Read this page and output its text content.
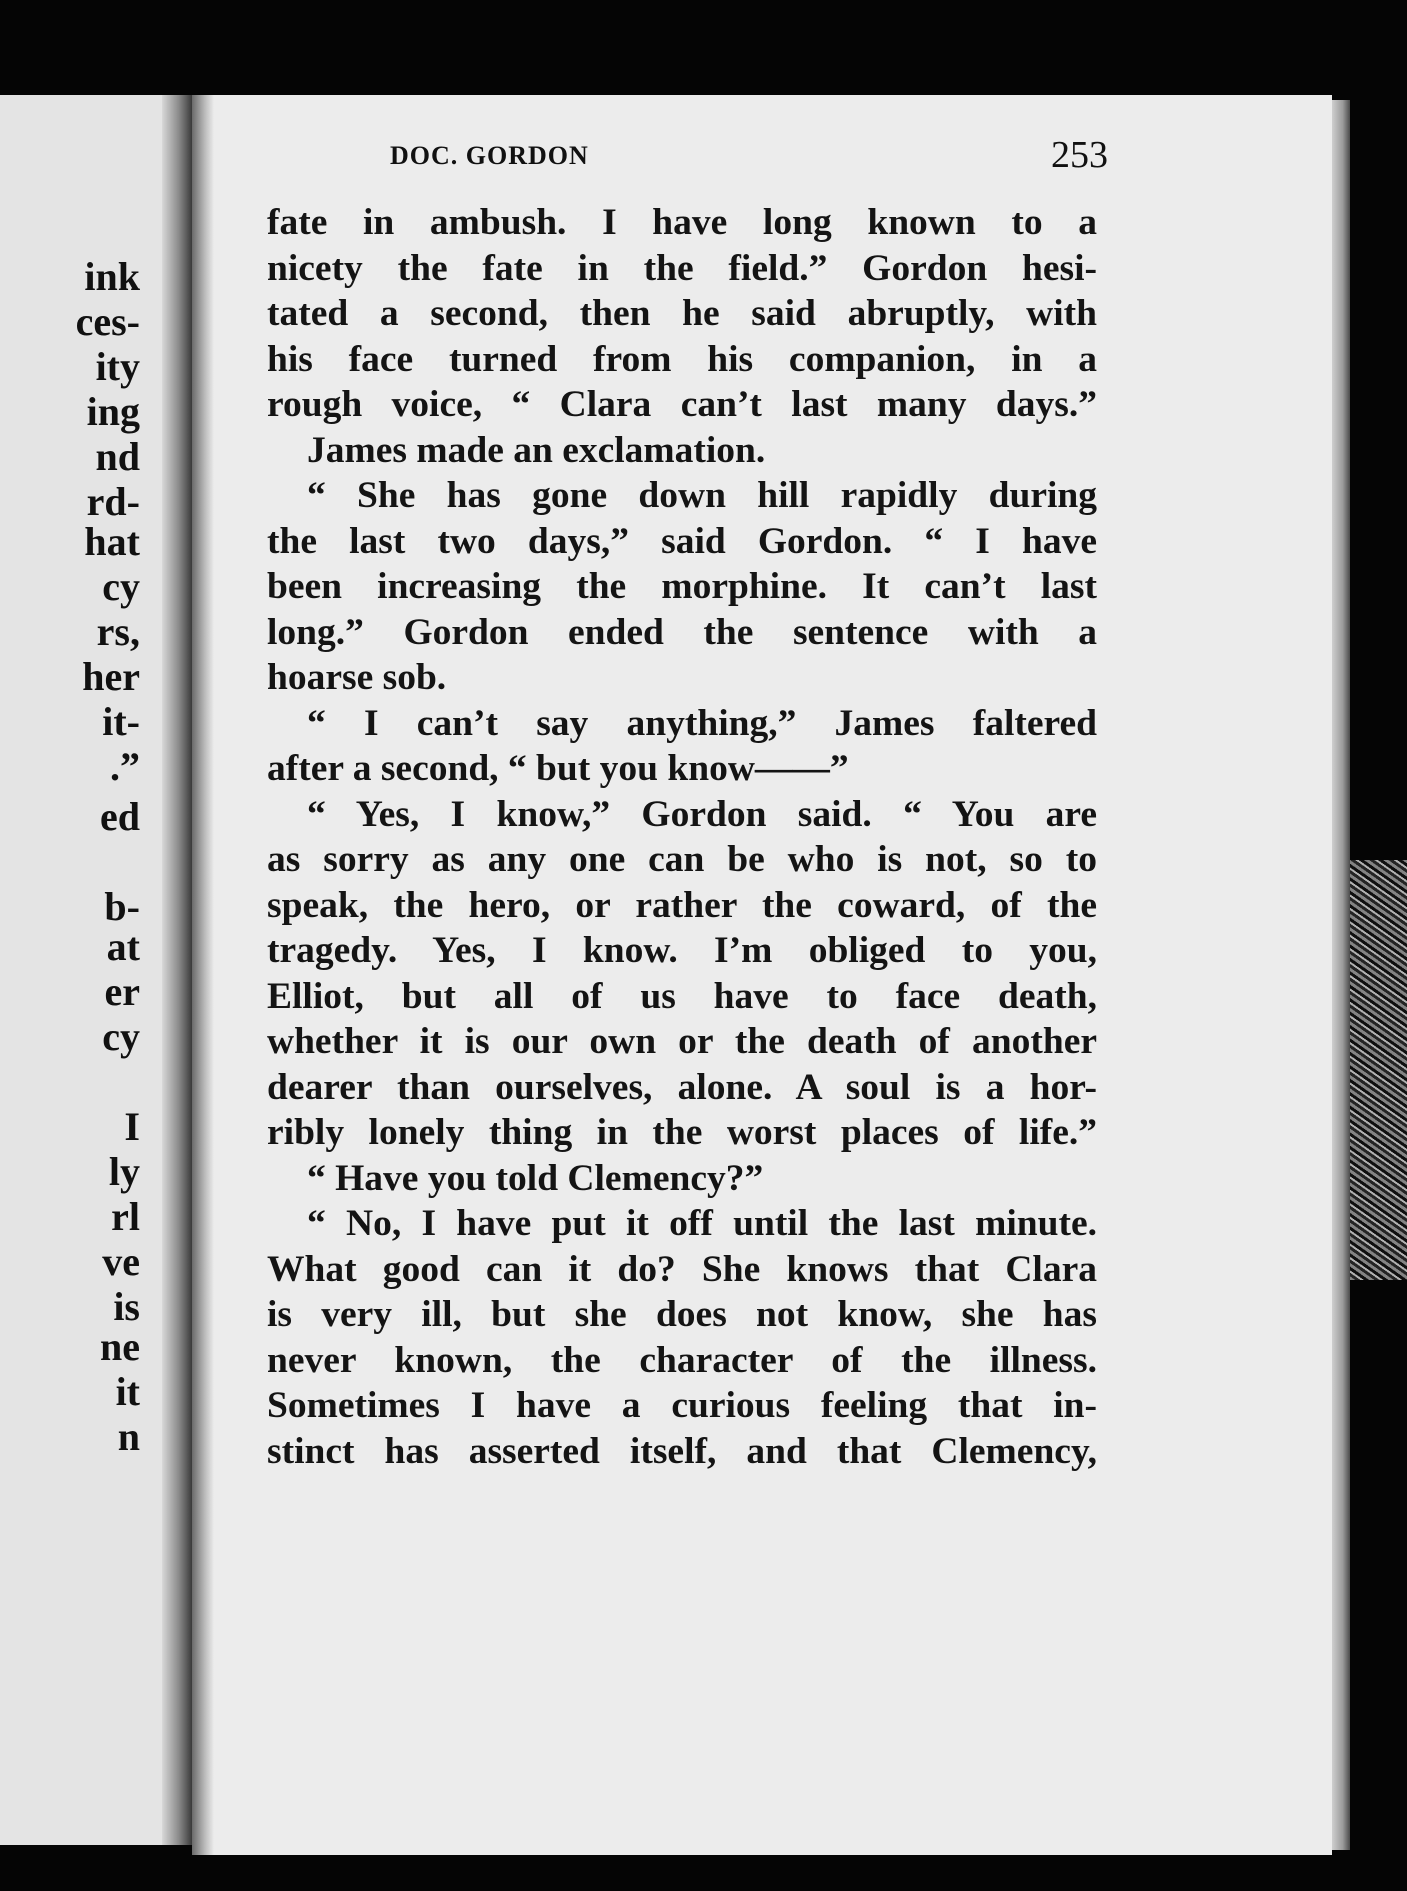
ink
ces-
ity
ing
nd
rd-
hat
cy
rs,
her
it-
.”
ed
b-
at
er
cy
I
ly
rl
ve
is
ne
it
n
DOC. GORDON	253
fate in ambush. I have long known to a
nicety the fate in the field.” Gordon hesi-
tated a second, then he said abruptly, with
his face turned from his companion, in a
rough voice, “ Clara can’t last many days.”
James made an exclamation.
“ She has gone down hill rapidly during
the last two days,” said Gordon. “ I have
been increasing the morphine. It can’t last
long.” Gordon ended the sentence with a
hoarse sob.
“ I can’t say anything,” James faltered
after a second, “ but you know——”
“ Yes, I know,” Gordon said. “ You are
as sorry as any one can be who is not, so to
speak, the hero, or rather the coward, of the
tragedy. Yes, I know. I’m obliged to you,
Elliot, but all of us have to face death,
whether it is our own or the death of another
dearer than ourselves, alone. A soul is a hor-
ribly lonely thing in the worst places of life.”
“ Have you told Clemency?”
“ No, I have put it off until the last minute.
What good can it do? She knows that Clara
is very ill, but she does not know, she has
never known, the character of the illness.
Sometimes I have a curious feeling that in-
stinct has asserted itself, and that Clemency,
